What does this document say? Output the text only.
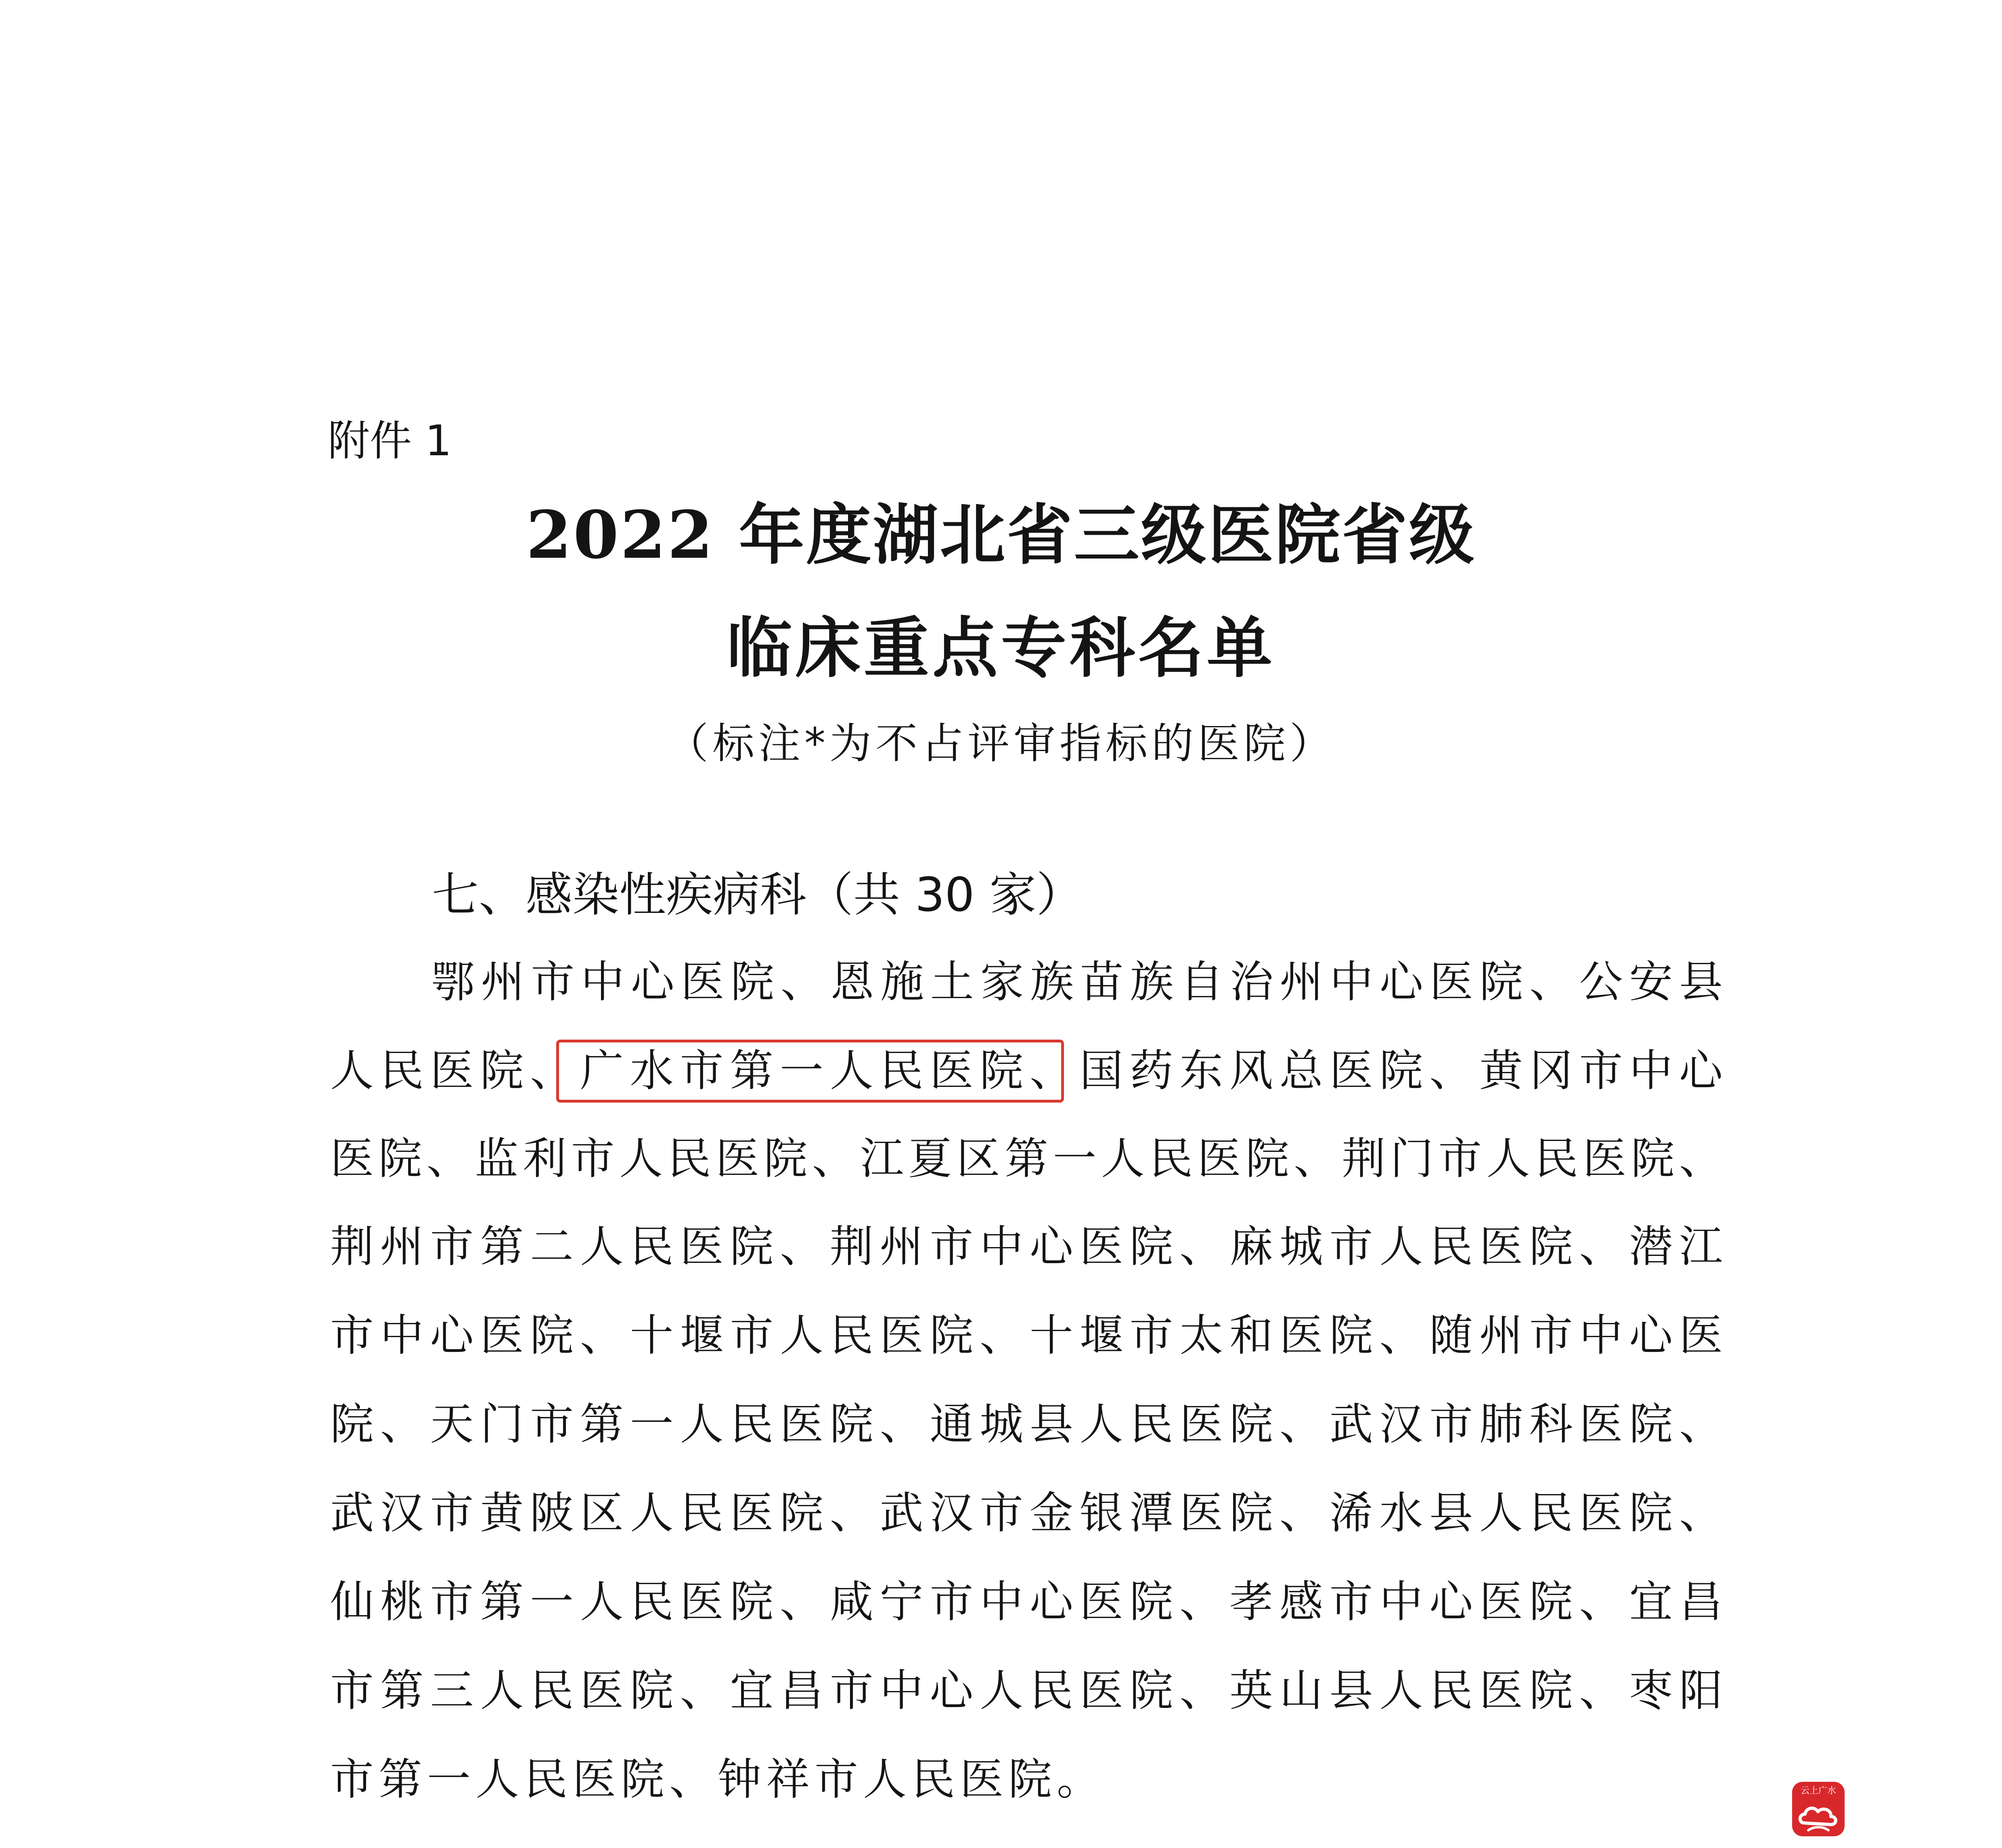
附件 1
2022 年度湖北省三级医院省级
临床重点专科名单
（标注*为不占评审指标的医院）
七、感染性疾病科（共 30 家）
鄂州市中心医院、恩施土家族苗族自治州中心医院、公安县
人民医院、广水市第一人民医院、国药东风总医院、黄冈市中心
医院、监利市人民医院、江夏区第一人民医院、荆门市人民医院、
荆州市第二人民医院、荆州市中心医院、麻城市人民医院、潜江
市中心医院、十堰市人民医院、十堰市太和医院、随州市中心医
院、天门市第一人民医院、通城县人民医院、武汉市肺科医院、
武汉市黄陂区人民医院、武汉市金银潭医院、浠水县人民医院、
仙桃市第一人民医院、咸宁市中心医院、孝感市中心医院、宜昌
市第三人民医院、宜昌市中心人民医院、英山县人民医院、枣阳
市第一人民医院、钟祥市人民医院。	云上广水
